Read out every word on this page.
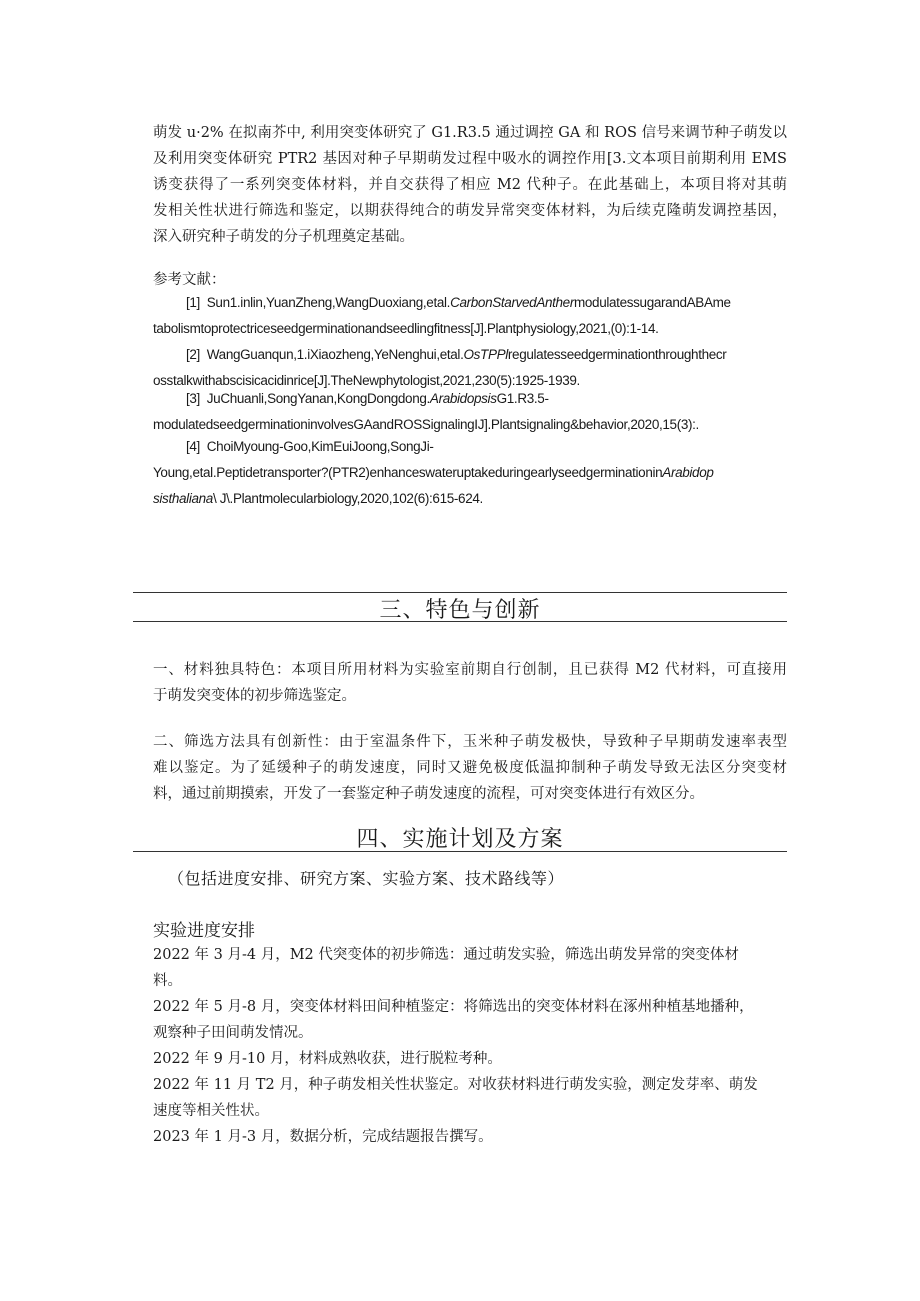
萌发 u·2% 在拟南芥中, 利用突变体研究了 G1.R3.5 通过调控 GA 和 ROS 信号来调节种子萌发以
及利用突变体研究 PTR2 基因对种子早期萌发过程中吸水的调控作用[3.文本项目前期利用 EMS
诱变获得了一系列突变体材料，并自交获得了相应 M2 代种子。在此基础上，本项目将对其萌
发相关性状进行筛选和鉴定，以期获得纯合的萌发异常突变体材料，为后续克隆萌发调控基因，
深入研究种子萌发的分子机理奠定基础。
参考文献：
[1] Sun1.inlin,YuanZheng,WangDuoxiang,etal.CarbonStarvedAnthermodulatessugarandABAme
tabolismtoprotectriceseedgerminationandseedlingfitness[J].Plantphysiology,2021,(0):1-14.
[2] WangGuanqun,1.iXiaozheng,YeNenghui,etal.OsTPPlregulatesseedgerminationthroughthecr
osstalkwithabscisicacidinrice[J].TheNewphytologist,2021,230(5):1925-1939.
[3] JuChuanli,SongYanan,KongDongdong.ArabidopsisG1.R3.5-
modulatedseedgerminationinvolvesGAandROSSignalingIJ].Plantsignaling&behavior,2020,15(3):.
[4] ChoiMyoung-Goo,KimEuiJoong,SongJi-
Young,etal.Peptidetransporter?(PTR2)enhanceswateruptakeduringearlyseedgerminationinArabidop
sisthaliana\ J\.Plantmolecularbiology,2020,102(6):615-624.
三、特色与创新
一、材料独具特色：本项目所用材料为实验室前期自行创制，且已获得 M2 代材料，可直接用
于萌发突变体的初步筛选鉴定。
二、筛选方法具有创新性：由于室温条件下，玉米种子萌发极快，导致种子早期萌发速率表型
难以鉴定。为了延缓种子的萌发速度，同时又避免极度低温抑制种子萌发导致无法区分突变材
料，通过前期摸索，开发了一套鉴定种子萌发速度的流程，可对突变体进行有效区分。
四、实施计划及方案
（包括进度安排、研究方案、实验方案、技术路线等）
实验进度安排
2022 年 3 月-4 月，M2 代突变体的初步筛选：通过萌发实验，筛选出萌发异常的突变体材
料。
2022 年 5 月-8 月，突变体材料田间种植鉴定：将筛选出的突变体材料在涿州种植基地播种，
观察种子田间萌发情况。
2022 年 9 月-10 月，材料成熟收获，进行脱粒考种。
2022 年 11 月 T2 月，种子萌发相关性状鉴定。对收获材料进行萌发实验，测定发芽率、萌发
速度等相关性状。
2023 年 1 月-3 月，数据分析，完成结题报告撰写。
